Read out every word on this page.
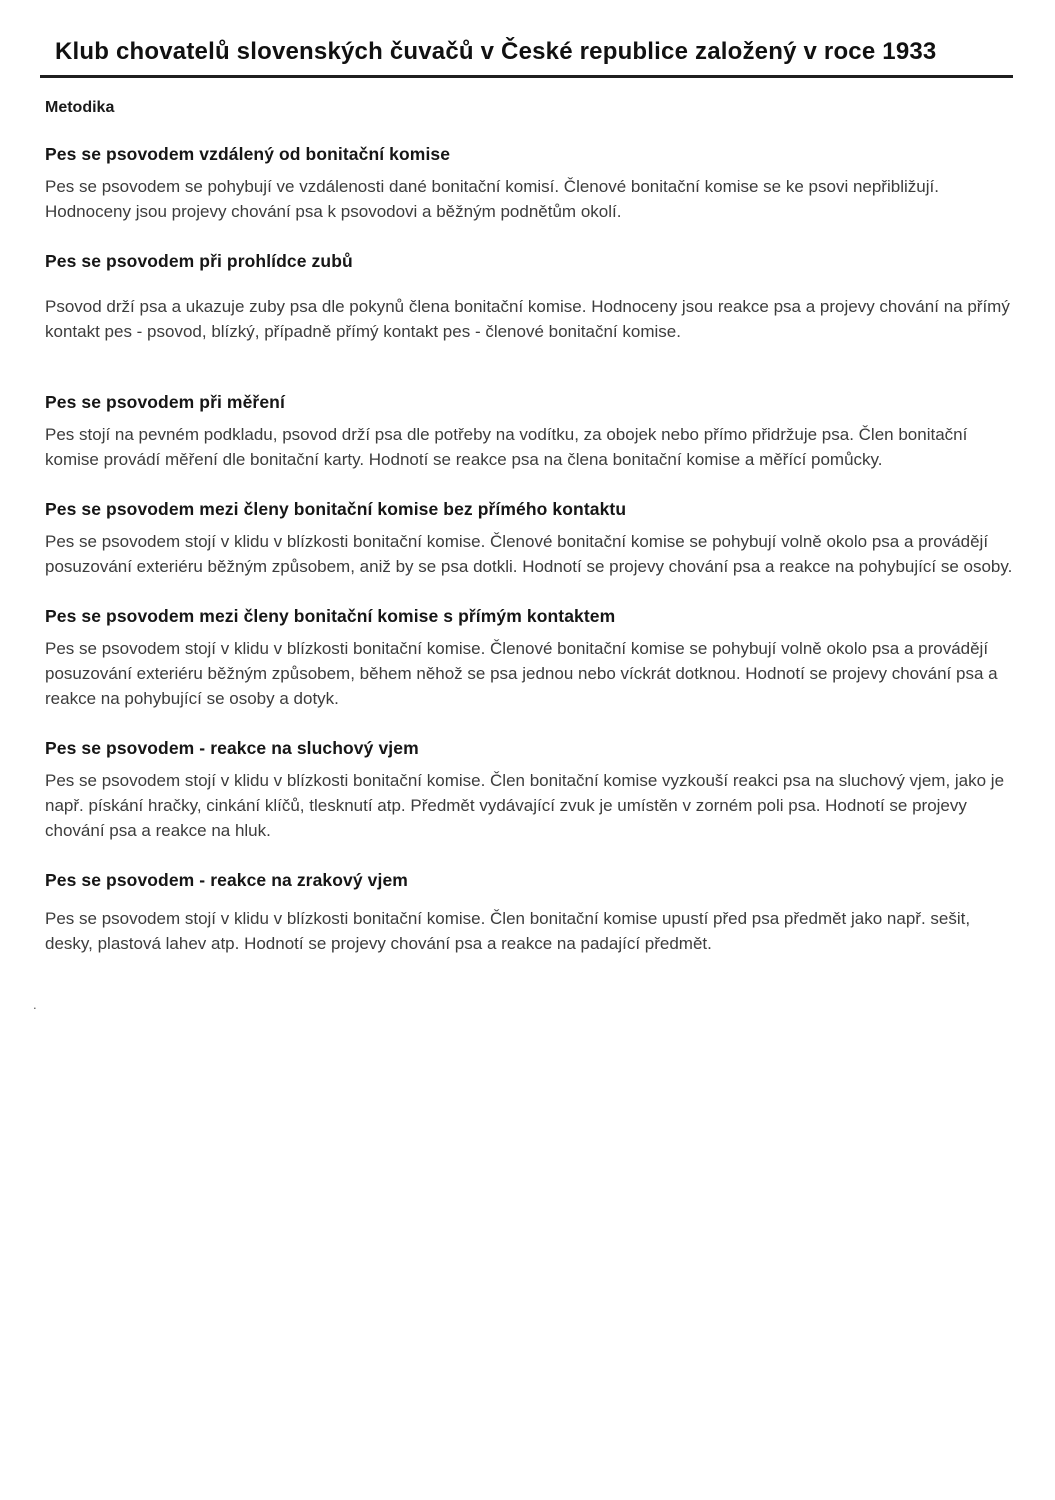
Klub chovatelů slovenských čuvačů v České republice založený v roce 1933
Metodika
Pes se psovodem vzdálený od bonitační komise

Pes se psovodem se pohybují ve vzdálenosti dané bonitační komisí. Členové bonitační komise se ke psovi nepřibližují. Hodnoceny jsou projevy chování psa k psovodovi a běžným podnětům okolí.

Pes se psovodem při prohlídce zubů

Psovod drží psa a ukazuje zuby psa dle pokynů člena bonitační komise. Hodnoceny jsou reakce psa a projevy chování na přímý kontakt pes - psovod, blízký, případně přímý kontakt pes - členové bonitační komise.

Pes se psovodem při měření

Pes stojí na pevném podkladu, psovod drží psa dle potřeby na vodítku, za obojek nebo přímo přidržuje psa. Člen bonitační komise provádí měření dle bonitační karty. Hodnotí se reakce psa na člena bonitační komise a měřící pomůcky.

Pes se psovodem mezi členy bonitační komise bez přímého kontaktu

Pes se psovodem stojí v klidu v blízkosti bonitační komise. Členové bonitační komise se pohybují volně okolo psa a provádějí posuzování exteriéru běžným způsobem, aniž by se psa dotkli. Hodnotí se projevy chování psa a reakce na pohybující se osoby.

Pes se psovodem mezi členy bonitační komise s přímým kontaktem

Pes se psovodem stojí v klidu v blízkosti bonitační komise. Členové bonitační komise se pohybují volně okolo psa a provádějí posuzování exteriéru běžným způsobem, během něhož se psa jednou nebo víckrát dotknou. Hodnotí se projevy chování psa a reakce na pohybující se osoby a dotyk.

Pes se psovodem - reakce na sluchový vjem

Pes se psovodem stojí v klidu v blízkosti bonitační komise. Člen bonitační komise vyzkouší reakci psa na sluchový vjem, jako je např. pískání hračky, cinkání klíčů, tlesknutí atp. Předmět vydávající zvuk je umístěn v zorném poli psa. Hodnotí se projevy chování psa a reakce na hluk.

Pes se psovodem - reakce na zrakový vjem

Pes se psovodem stojí v klidu v blízkosti bonitační komise. Člen bonitační komise upustí před psa předmět jako např. sešit, desky, plastová lahev atp. Hodnotí se projevy chování psa a reakce na padající předmět.

.
